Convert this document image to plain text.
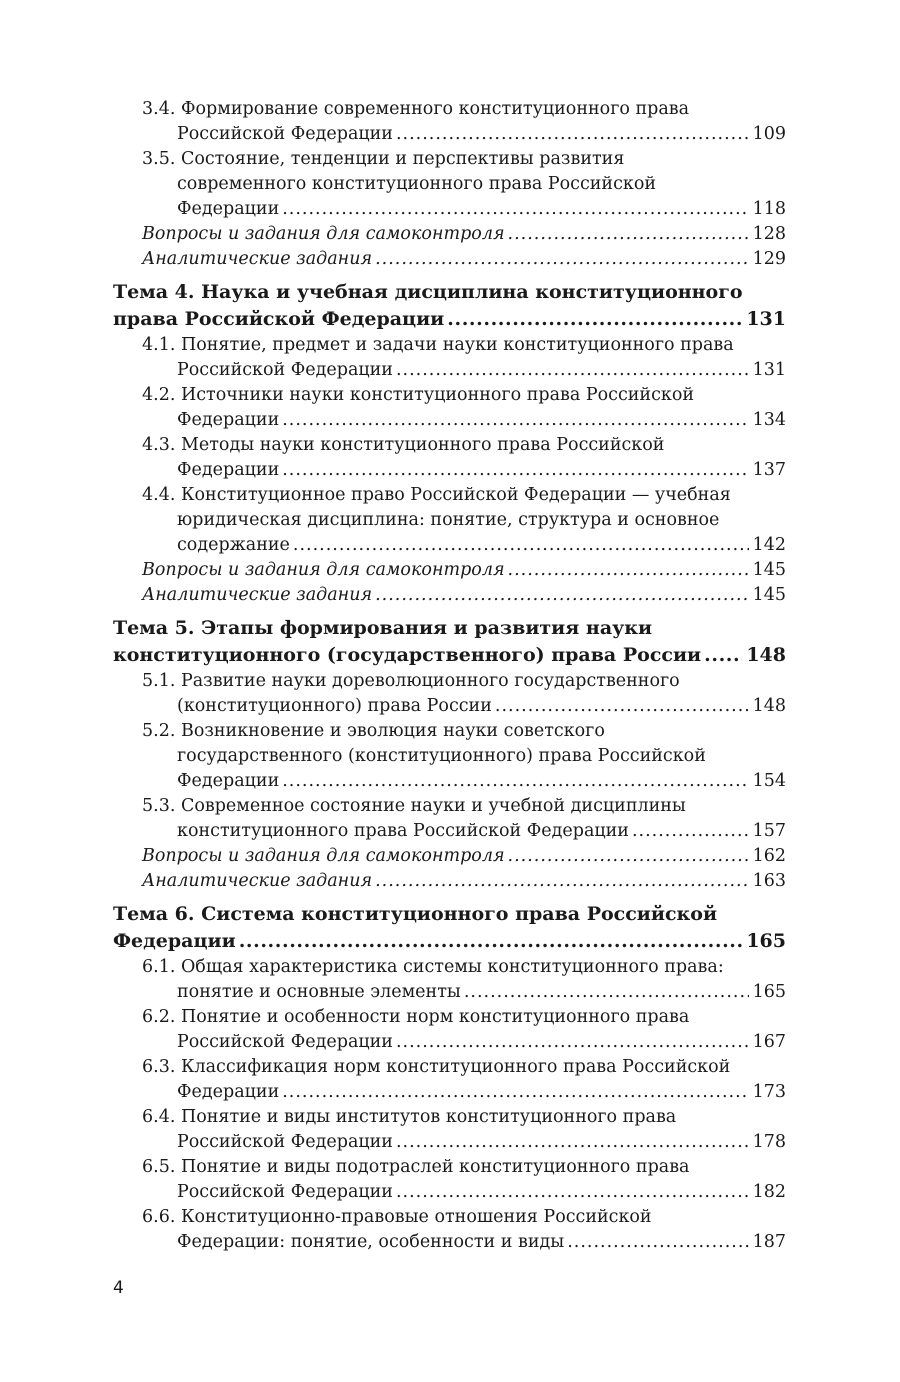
3.4. Формирование современного конституционного права
Российской Федерации .....	109
3.5. Состояние, тенденции и перспективы развития
современного конституционного права Российской
Федерации .....	118
Вопросы и задания для самоконтроля .....	128
Аналитические задания .....	129
Тема 4. Наука и учебная дисциплина конституционного
права Российской Федерации .....	131
4.1. Понятие, предмет и задачи науки конституционного права
Российской Федерации .....	131
4.2. Источники науки конституционного права Российской
Федерации .....	134
4.3. Методы науки конституционного права Российской
Федерации .....	137
4.4. Конституционное право Российской Федерации — учебная
юридическая дисциплина: понятие, структура и основное
содержание .....	142
Вопросы и задания для самоконтроля .....	145
Аналитические задания .....	145
Тема 5. Этапы формирования и развития науки
конституционного (государственного) права России ..... 148
5.1. Развитие науки дореволюционного государственного
(конституционного) права России .....	148
5.2. Возникновение и эволюция науки советского
государственного (конституционного) права Российской
Федерации .....	154
5.3. Современное состояние науки и учебной дисциплины
конституционного права Российской Федерации .....	157
Вопросы и задания для самоконтроля .....	162
Аналитические задания .....	163
Тема 6. Система конституционного права Российской
Федерации .....	165
6.1. Общая характеристика системы конституционного права:
понятие и основные элементы .....	165
6.2. Понятие и особенности норм конституционного права
Российской Федерации .....	167
6.3. Классификация норм конституционного права Российской
Федерации .....	173
6.4. Понятие и виды институтов конституционного права
Российской Федерации .....	178
6.5. Понятие и виды подотраслей конституционного права
Российской Федерации .....	182
6.6. Конституционно-правовые отношения Российской
Федерации: понятие, особенности и виды .....	187
4
